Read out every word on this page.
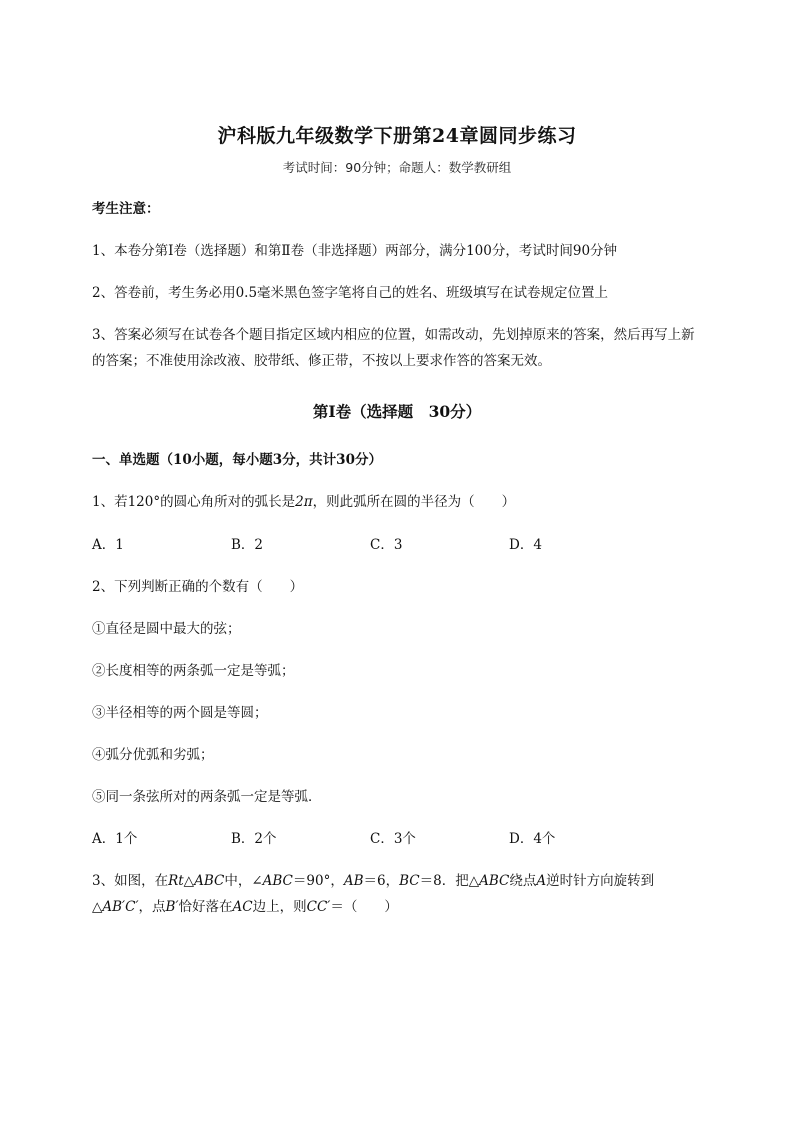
沪科版九年级数学下册第24章圆同步练习
考试时间：90分钟；命题人：数学教研组
考生注意：
1、本卷分第I卷（选择题）和第Ⅱ卷（非选择题）两部分，满分100分，考试时间90分钟
2、答卷前，考生务必用0.5毫米黑色签字笔将自己的姓名、班级填写在试卷规定位置上
3、答案必须写在试卷各个题目指定区域内相应的位置，如需改动，先划掉原来的答案，然后再写上新
的答案；不准使用涂改液、胶带纸、修正带，不按以上要求作答的答案无效。
第I卷（选择题　30分）
一、单选题（10小题，每小题3分，共计30分）
1、若120°的圆心角所对的弧长是2π，则此弧所在圆的半径为（　　）
A．1	B．2	C．3	D．4
2、下列判断正确的个数有（　　）
①直径是圆中最大的弦；
②长度相等的两条弧一定是等弧；
③半径相等的两个圆是等圆；
④弧分优弧和劣弧；
⑤同一条弦所对的两条弧一定是等弧．
A．1个	B．2个	C．3个	D．4个
3、如图，在Rt△ABC中，∠ABC＝90°，AB＝6，BC＝8．把△ABC绕点A逆时针方向旋转到
△AB′C′，点B′恰好落在AC边上，则CC′＝（　　）
